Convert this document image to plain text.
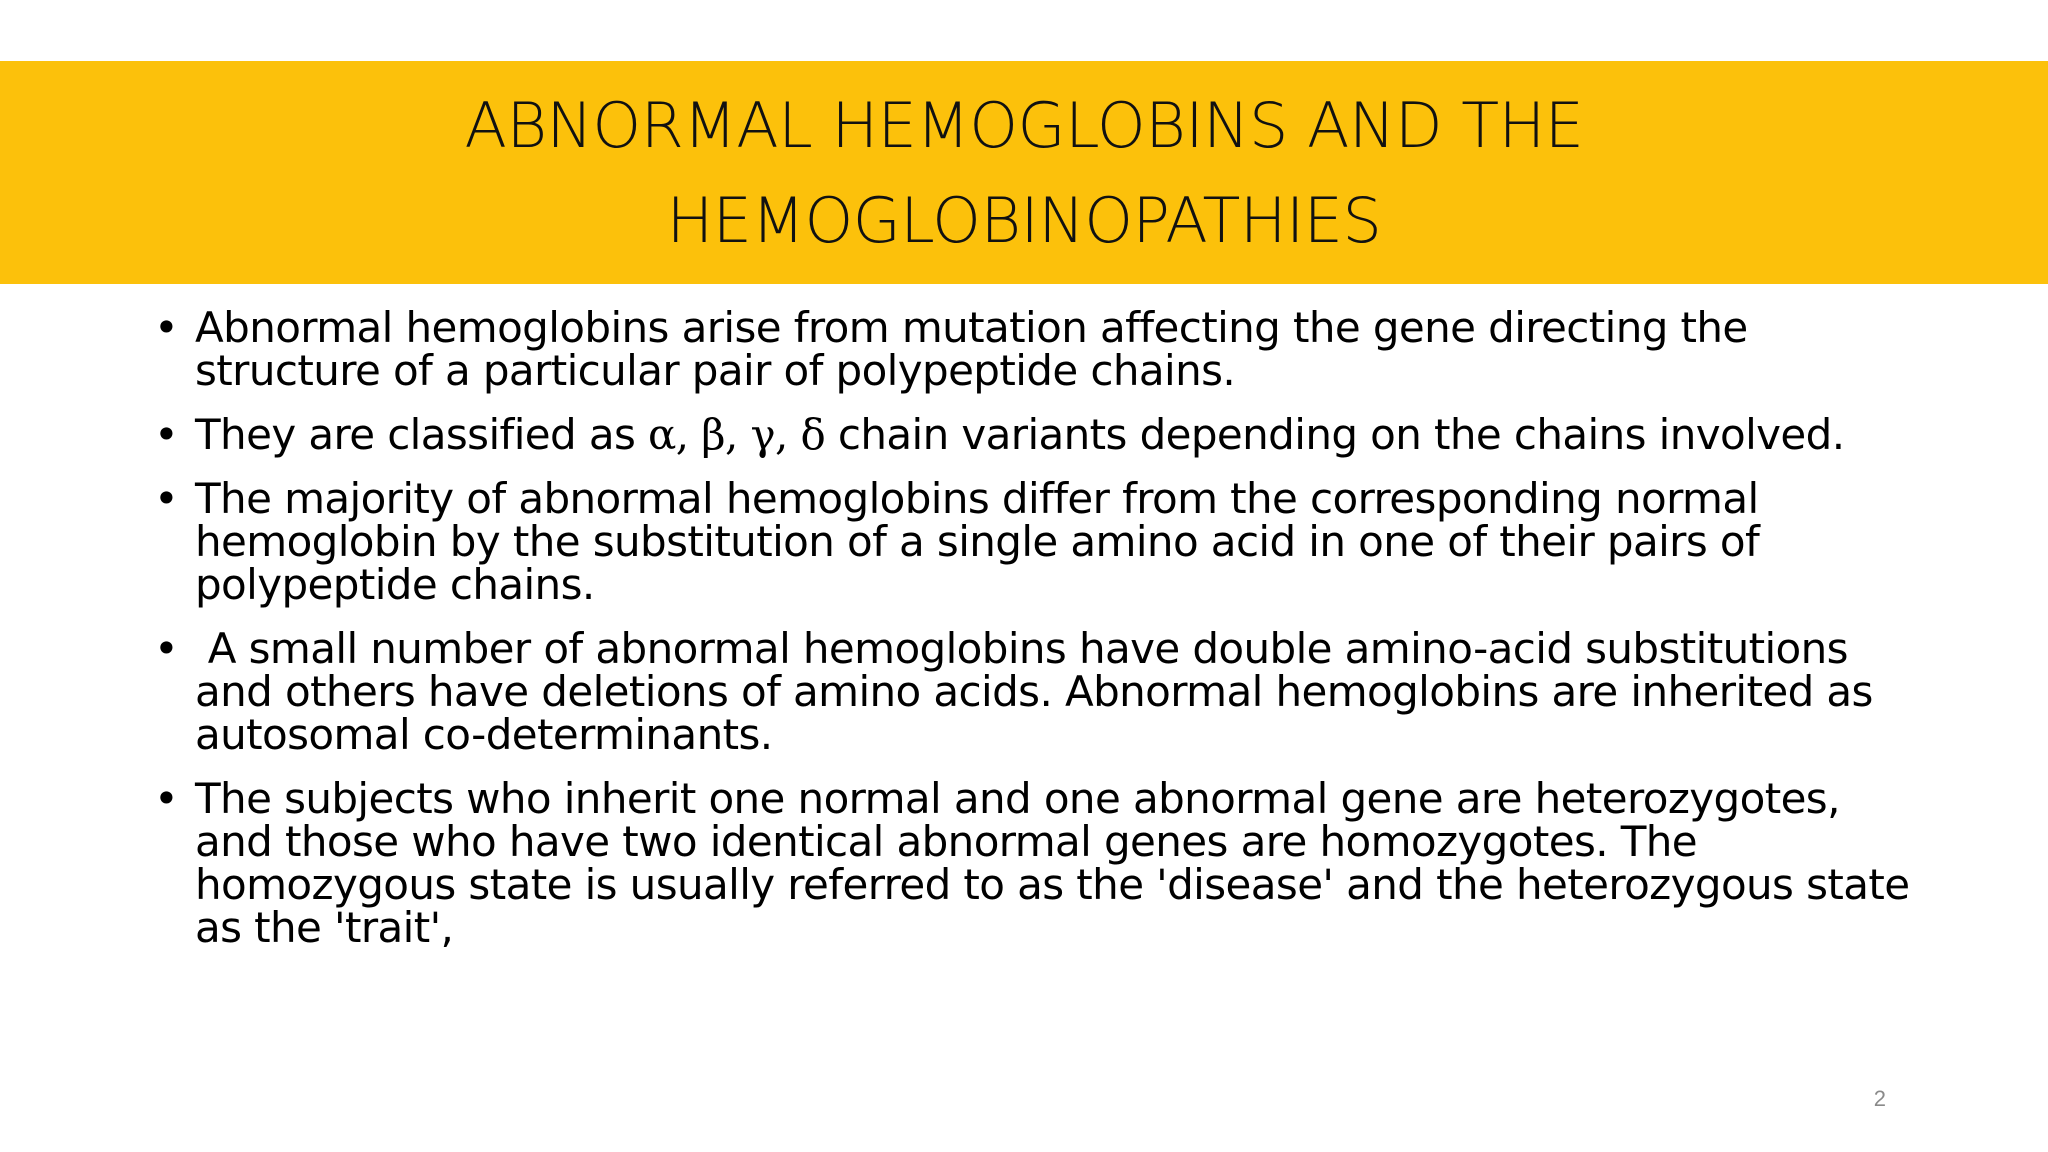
ABNORMAL HEMOGLOBINS AND THE
HEMOGLOBINOPATHIES
• Abnormal hemoglobins arise from mutation affecting the gene directing the structure of a particular pair of polypeptide chains.
• They are classified as α, β, γ, δ chain variants depending on the chains involved.
• The majority of abnormal hemoglobins differ from the corresponding normal hemoglobin by the substitution of a single amino acid in one of their pairs of polypeptide chains.
• A small number of abnormal hemoglobins have double amino-acid substitutions and others have deletions of amino acids. Abnormal hemoglobins are inherited as autosomal co-determinants.
• The subjects who inherit one normal and one abnormal gene are heterozygotes, and those who have two identical abnormal genes are homozygotes. The homozygous state is usually referred to as the 'disease' and the heterozygous state as the 'trait',
2
